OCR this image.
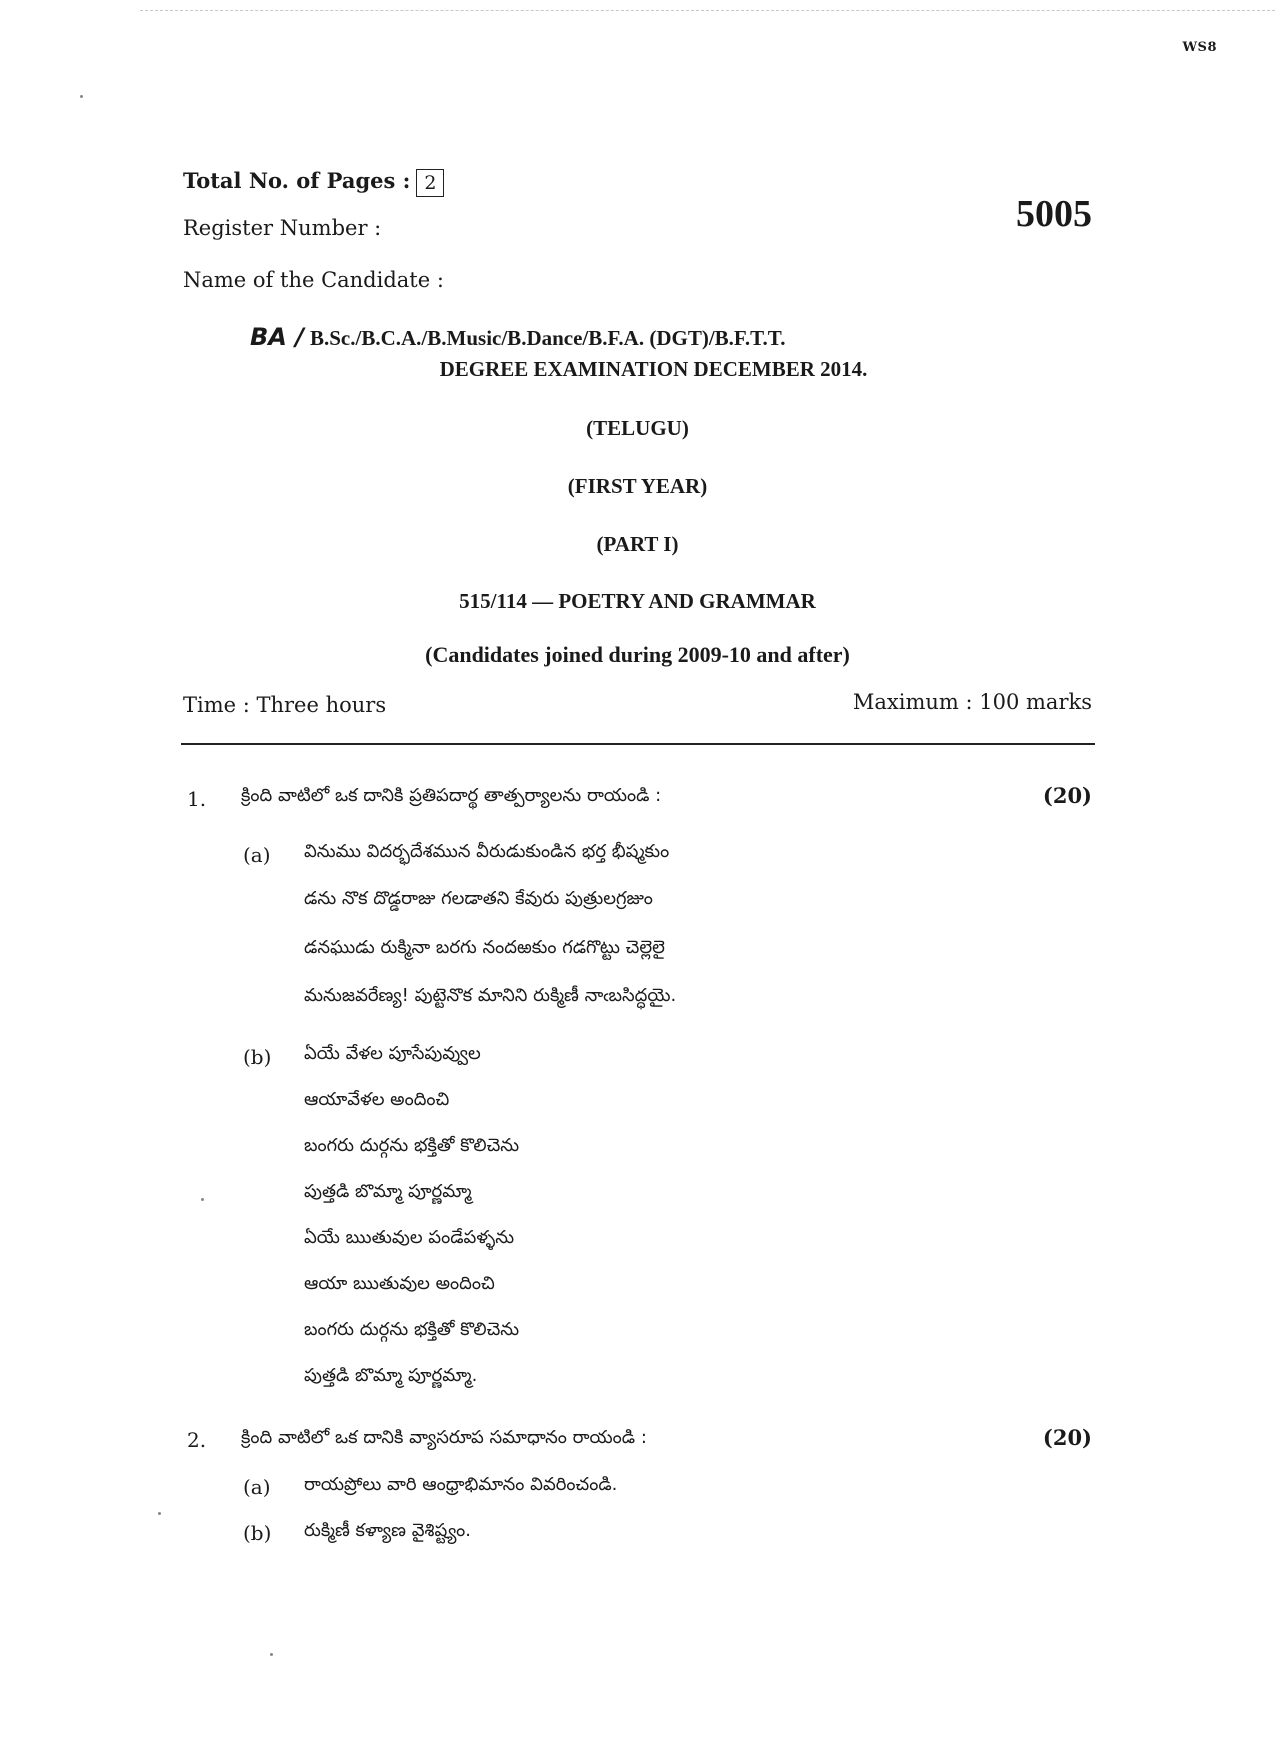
WS8
Total No. of Pages : 2
Register Number :
Name of the Candidate :
5005
BA / B.Sc./B.C.A./B.Music/B.Dance/B.F.A. (DGT)/B.F.T.T.
DEGREE EXAMINATION DECEMBER 2014.
(TELUGU)
(FIRST YEAR)
(PART I)
515/114 — POETRY AND GRAMMAR
(Candidates joined during 2009-10 and after)
Time : Three hours	Maximum : 100 marks
1. క్రింది వాటిలో ఒక దానికి ప్రతిపదార్థ తాత్పర్యాలను రాయండి :	(20)
(a) వినుము విదర్భదేశమున వీరుడుకుండిన భర్త భీష్మకుం
డను నొక దొడ్డరాజు గలడాతని కేవురు పుత్రులగ్రజుం
డనఘుడు రుక్మినా బరగు నందఱకుం గడగొట్టు చెల్లెలై
మనుజవరేణ్య! పుట్టెనొక మానిని రుక్మిణీ నాఁబసిద్ధయై.
(b) ఏయే వేళల పూసేపువ్వుల
ఆయావేళల అందించి
బంగరు దుర్గను భక్తితో కొలిచెను
పుత్తడి బొమ్మా పూర్ణమ్మా
ఏయే ఋతువుల పండేపళ్ళను
ఆయా ఋతువుల అందించి
బంగరు దుర్గను భక్తితో కొలిచెను
పుత్తడి బొమ్మా పూర్ణమ్మా.
2. క్రింది వాటిలో ఒక దానికి వ్యాసరూప సమాధానం రాయండి :	(20)
(a) రాయప్రోలు వారి ఆంధ్రాభిమానం వివరించండి.
(b) రుక్మిణీ కళ్యాణ వైశిష్ట్యం.
